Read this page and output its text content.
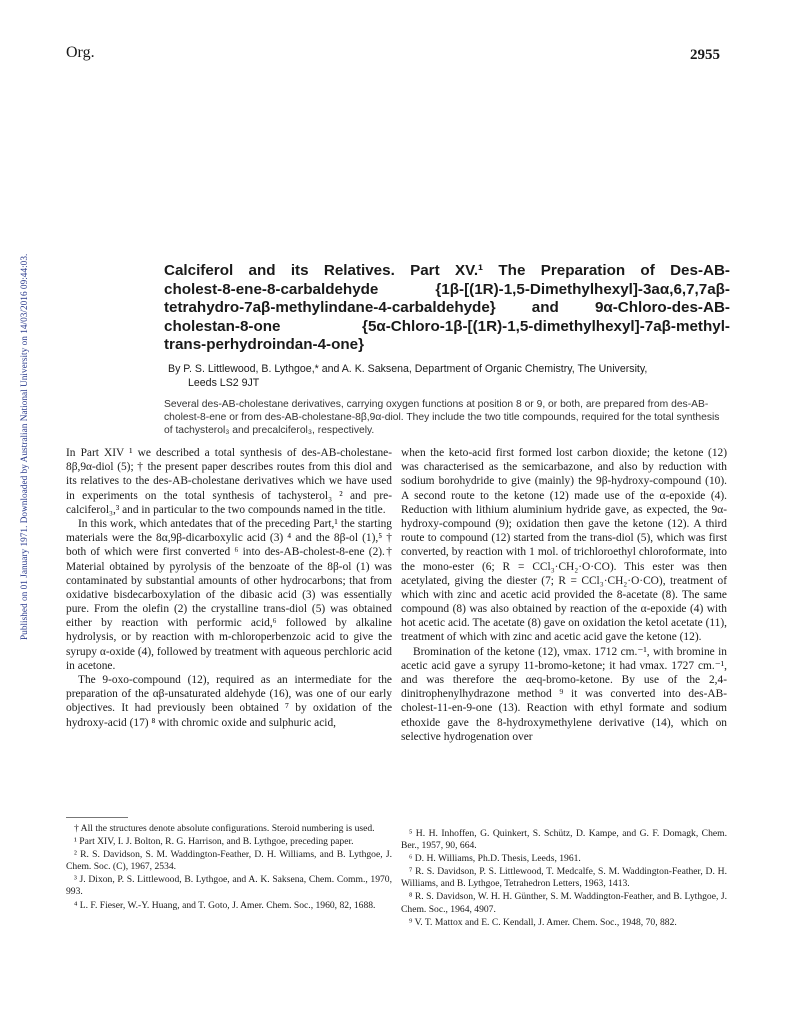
Org.	2955
Published on 01 January 1971. Downloaded by Australian National University on 14/03/2016 09:44:03.	Calciferol and its Relatives. Part XV.¹ The Preparation of Des-AB-
cholest-8-ene-8-carbaldehyde {1β-[(1R)-1,5-Dimethylhexyl]-3aα,6,7,7aβ-
tetrahydro-7aβ-methylindane-4-carbaldehyde} and 9α-Chloro-des-AB-
cholestan-8-one {5α-Chloro-1β-[(1R)-1,5-dimethylhexyl]-7aβ-methyl-
trans-perhydroindan-4-one}
By P. S. Littlewood, B. Lythgoe,* and A. K. Saksena, Department of Organic Chemistry, The University,
Leeds LS2 9JT
Several des-AB-cholestane derivatives, carrying oxygen functions at position 8 or 9, or both, are prepared from des-AB-cholest-8-ene or from des-AB-cholestane-8β,9α-diol. They include the two title compounds, required for the total synthesis of tachysterol₃ and precalciferol₃, respectively.

In Part XIV ¹ we described a total synthesis of des-AB-cholestane-8β,9α-diol (5); † the present paper describes routes from this diol and its relatives to the des-AB-cholestane derivatives which we have used in experiments on the total synthesis of tachysterol₃ ² and pre-calciferol₃,³ and in particular to the two compounds named in the title.

In this work, which antedates that of the preceding Part,¹ the starting materials were the 8α,9β-dicarboxylic acid (3) ⁴ and the 8β-ol (1),⁵ † both of which were first converted ⁶ into des-AB-cholest-8-ene (2).† Material obtained by pyrolysis of the benzoate of the 8β-ol (1) was contaminated by substantial amounts of other hydrocarbons; that from oxidative bisdecarboxylation of the dibasic acid (3) was essentially pure. From the olefin (2) the crystalline trans-diol (5) was obtained either by reaction with performic acid,⁶ followed by alkaline hydrolysis, or by reaction with m-chloroperbenzoic acid to give the syrupy α-oxide (4), followed by treatment with aqueous perchloric acid in acetone.

The 9-oxo-compound (12), required as an intermediate for the preparation of the αβ-unsaturated aldehyde (16), was one of our early objectives. It had previously been obtained ⁷ by oxidation of the hydroxy-acid (17) ⁸ with chromic oxide and sulphuric acid,

when the keto-acid first formed lost carbon dioxide; the ketone (12) was characterised as the semicarbazone, and also by reduction with sodium borohydride to give (mainly) the 9β-hydroxy-compound (10). A second route to the ketone (12) made use of the α-epoxide (4). Reduction with lithium aluminium hydride gave, as expected, the 9α-hydroxy-compound (9); oxidation then gave the ketone (12). A third route to compound (12) started from the trans-diol (5), which was first converted, by reaction with 1 mol. of trichloroethyl chloroformate, into the mono-ester (6; R = CCl₃·CH₂·O·CO). This ester was then acetylated, giving the diester (7; R = CCl₃·CH₂·O·CO), treatment of which with zinc and acetic acid provided the 8-acetate (8). The same compound (8) was also obtained by reaction of the α-epoxide (4) with hot acetic acid. The acetate (8) gave on oxidation the ketol acetate (11), treatment of which with zinc and acetic acid gave the ketone (12).

Bromination of the ketone (12), νmax. 1712 cm.⁻¹, with bromine in acetic acid gave a syrupy 11-bromo-ketone; it had νmax. 1727 cm.⁻¹, and was therefore the αeq-bromo-ketone. By use of the 2,4-dinitrophenylhydrazone method ⁹ it was converted into des-AB-cholest-11-en-9-one (13). Reaction with ethyl formate and sodium ethoxide gave the 8-hydroxymethylene derivative (14), which on selective hydrogenation over

† All the structures denote absolute configurations. Steroid numbering is used.

¹ Part XIV, I. J. Bolton, R. G. Harrison, and B. Lythgoe, preceding paper.

² R. S. Davidson, S. M. Waddington-Feather, D. H. Williams, and B. Lythgoe, J. Chem. Soc. (C), 1967, 2534.

³ J. Dixon, P. S. Littlewood, B. Lythgoe, and A. K. Saksena, Chem. Comm., 1970, 993.

⁴ L. F. Fieser, W.-Y. Huang, and T. Goto, J. Amer. Chem. Soc., 1960, 82, 1688.

⁵ H. H. Inhoffen, G. Quinkert, S. Schütz, D. Kampe, and G. F. Domagk, Chem. Ber., 1957, 90, 664.

⁶ D. H. Williams, Ph.D. Thesis, Leeds, 1961.

⁷ R. S. Davidson, P. S. Littlewood, T. Medcalfe, S. M. Waddington-Feather, D. H. Williams, and B. Lythgoe, Tetrahedron Letters, 1963, 1413.

⁸ R. S. Davidson, W. H. H. Günther, S. M. Waddington-Feather, and B. Lythgoe, J. Chem. Soc., 1964, 4907.

⁹ V. T. Mattox and E. C. Kendall, J. Amer. Chem. Soc., 1948, 70, 882.
